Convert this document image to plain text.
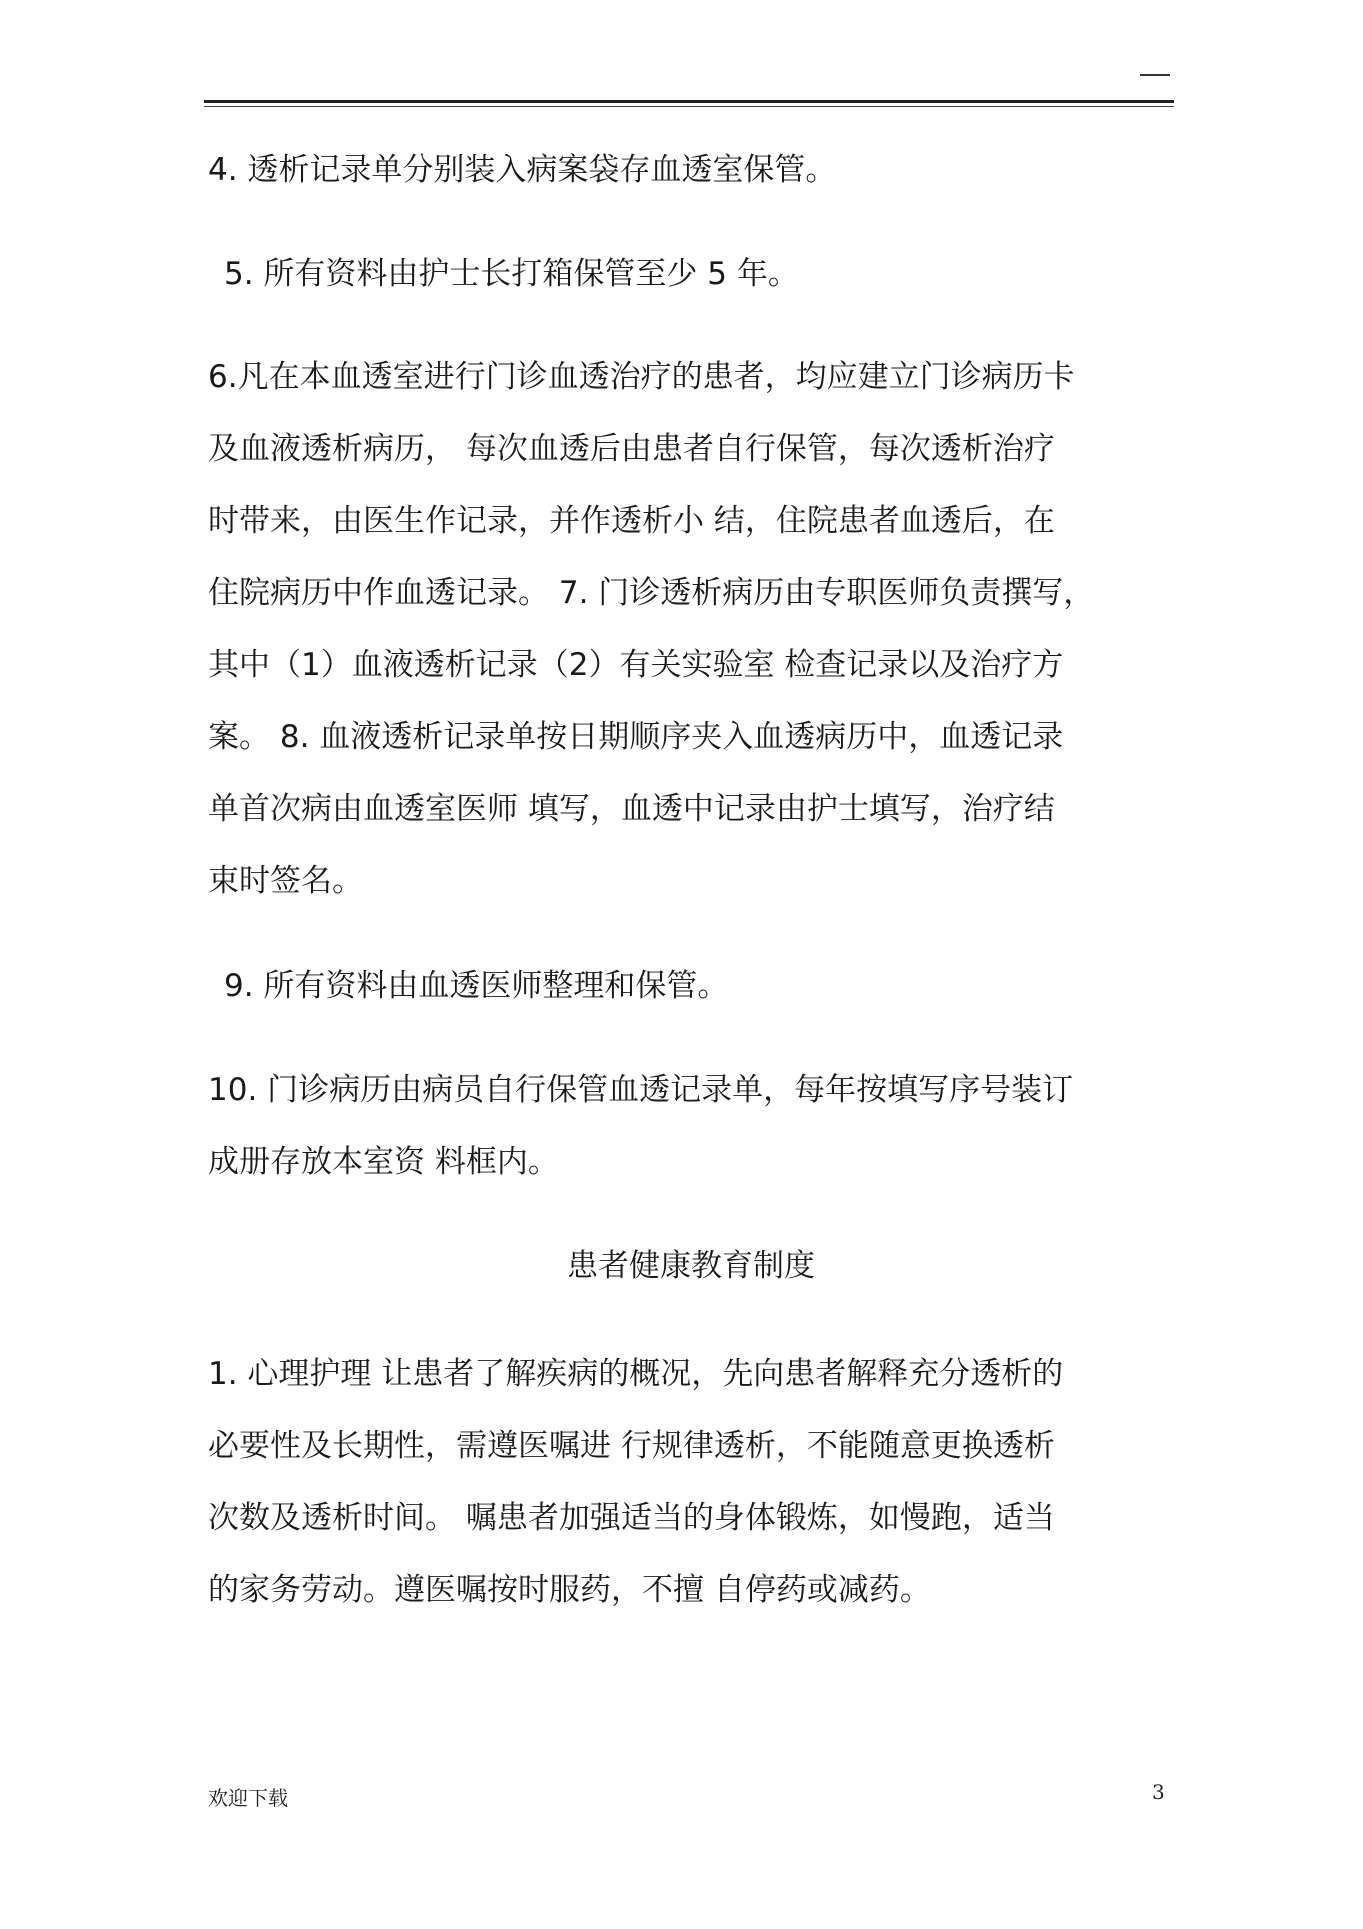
4. 透析记录单分别装入病案袋存血透室保管。

5. 所有资料由护士长打箱保管至少 5 年。

6.凡在本血透室进行门诊血透治疗的患者，均应建立门诊病历卡
及血液透析病历， 每次血透后由患者自行保管，每次透析治疗
时带来，由医生作记录，并作透析小 结，住院患者血透后，在
住院病历中作血透记录。 7. 门诊透析病历由专职医师负责撰写，
其中（1）血液透析记录（2）有关实验室 检查记录以及治疗方
案。 8. 血液透析记录单按日期顺序夹入血透病历中，血透记录
单首次病由血透室医师 填写，血透中记录由护士填写，治疗结
束时签名。

9. 所有资料由血透医师整理和保管。

10. 门诊病历由病员自行保管血透记录单，每年按填写序号装订
成册存放本室资 料框内。

患者健康教育制度

1. 心理护理 让患者了解疾病的概况，先向患者解释充分透析的
必要性及长期性，需遵医嘱进 行规律透析，不能随意更换透析
次数及透析时间。 嘱患者加强适当的身体锻炼，如慢跑，适当
的家务劳动。遵医嘱按时服药，不擅 自停药或减药。

欢迎下载	3
